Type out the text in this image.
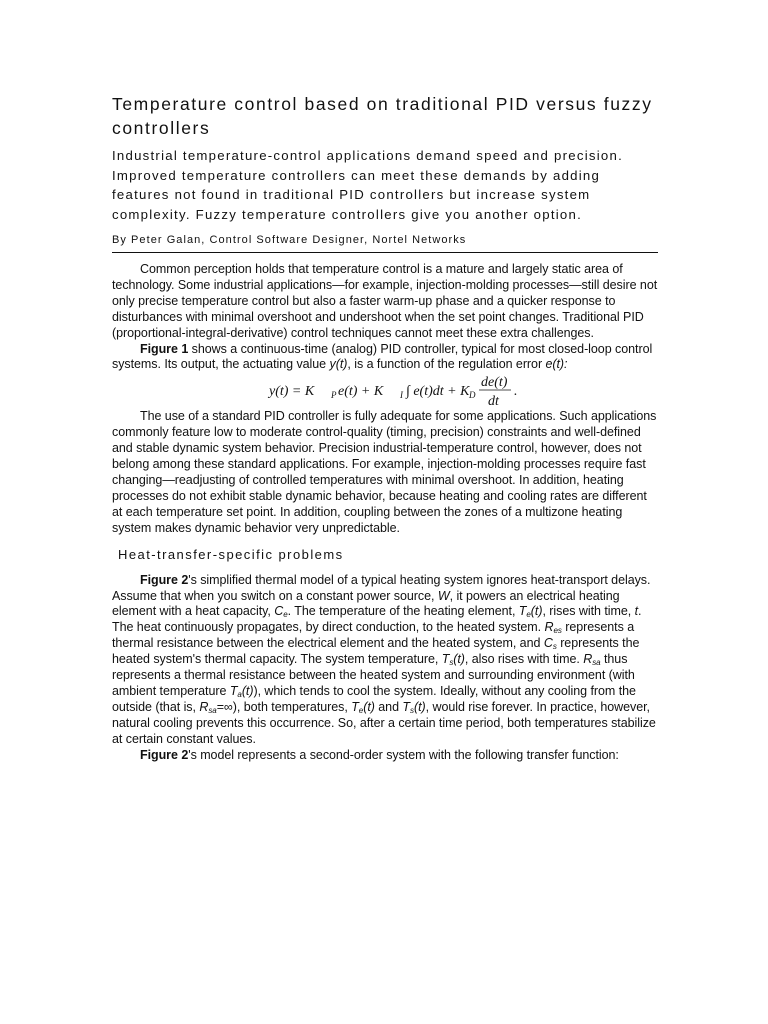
Temperature control based on traditional PID versus fuzzy controllers

Industrial temperature-control applications demand speed and precision. Improved temperature controllers can meet these demands by adding features not found in traditional PID controllers but increase system complexity. Fuzzy temperature controllers give you another option.

By Peter Galan, Control Software Designer, Nortel Networks

Common perception holds that temperature control is a mature and largely static area of technology. Some industrial applications—for example, injection-molding processes—still desire not only precise temperature control but also a faster warm-up phase and a quicker response to disturbances with minimal overshoot and undershoot when the set point changes. Traditional PID (proportional-integral-derivative) control techniques cannot meet these extra challenges.

Figure 1 shows a continuous-time (analog) PID controller, typical for most closed-loop control systems. Its output, the actuating value y(t), is a function of the regulation error e(t):

y(t) = K P e(t) + K I ∫ e(t)dt + K D
de(t)
dt
.

The use of a standard PID controller is fully adequate for some applications. Such applications commonly feature low to moderate control-quality (timing, precision) constraints and well-defined and stable dynamic system behavior. Precision industrial-temperature control, however, does not belong among these standard applications. For example, injection-molding processes require fast changing—readjusting of controlled temperatures with minimal overshoot. In addition, heating processes do not exhibit stable dynamic behavior, because heating and cooling rates are different at each temperature set point. In addition, coupling between the zones of a multizone heating system makes dynamic behavior very unpredictable.

Heat-transfer-specific problems

Figure 2's simplified thermal model of a typical heating system ignores heat-transport delays. Assume that when you switch on a constant power source, W, it powers an electrical heating element with a heat capacity, $C_e$. The temperature of the heating element, $T_e(t)$, rises with time, t. The heat continuously propagates, by direct conduction, to the heated system. $R_{es}$ represents a thermal resistance between the electrical element and the heated system, and $C_s$ represents the heated system's thermal capacity. The system temperature, $T_s(t)$, also rises with time. $R_{sa}$ thus represents a thermal resistance between the heated system and surrounding environment (with ambient temperature $T_a(t)$), which tends to cool the system. Ideally, without any cooling from the outside (that is, $R_{sa}=\infty$), both temperatures, $T_e(t)$ and $T_s(t)$, would rise forever. In practice, however, natural cooling prevents this occurrence. So, after a certain time period, both temperatures stabilize at certain constant values.

Figure 2's model represents a second-order system with the following transfer function:
